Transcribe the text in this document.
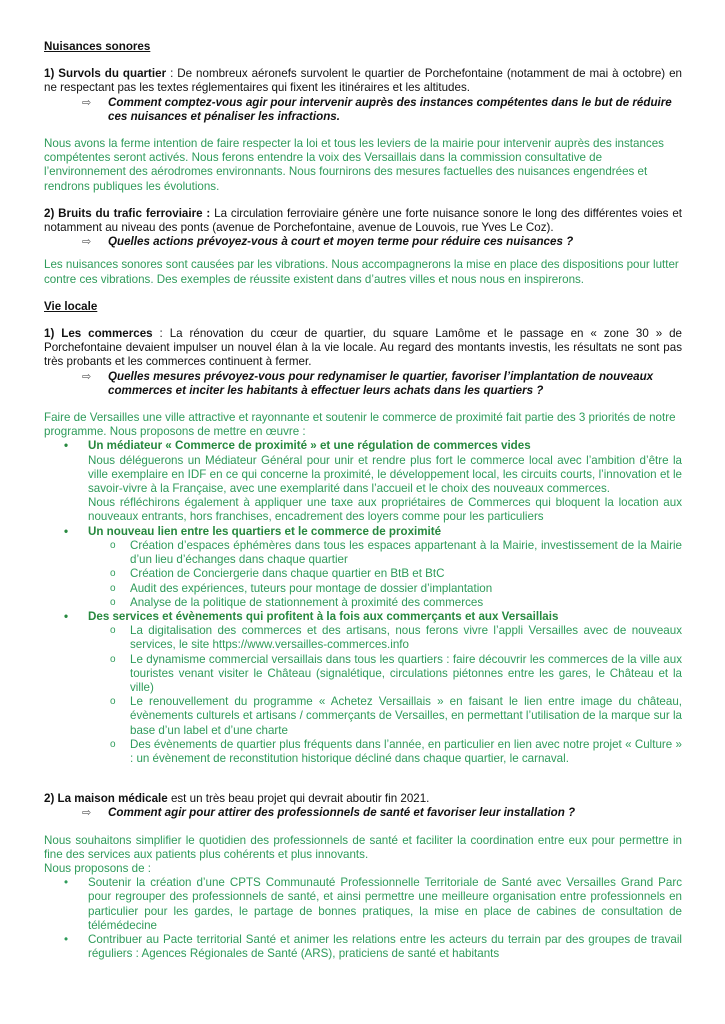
Nuisances sonores

1) Survols du quartier : De nombreux aéronefs survolent le quartier de Porchefontaine (notamment de mai à octobre) en ne respectant pas les textes réglementaires qui fixent les itinéraires et les altitudes.

⇨ Comment comptez-vous agir pour intervenir auprès des instances compétentes dans le but de réduire ces nuisances et pénaliser les infractions.

Nous avons la ferme intention de faire respecter la loi et tous les leviers de la mairie pour intervenir auprès des instances compétentes seront activés. Nous ferons entendre la voix des Versaillais dans la commission consultative de l’environnement des aérodromes environnants. Nous fournirons des mesures factuelles des nuisances engendrées et rendrons publiques les évolutions.

2) Bruits du trafic ferroviaire : La circulation ferroviaire génère une forte nuisance sonore le long des différentes voies et notamment au niveau des ponts (avenue de Porchefontaine, avenue de Louvois, rue Yves Le Coz).

⇨ Quelles actions prévoyez-vous à court et moyen terme pour réduire ces nuisances ?

Les nuisances sonores sont causées par les vibrations. Nous accompagnerons la mise en place des dispositions pour lutter contre ces vibrations. Des exemples de réussite existent dans d’autres villes et nous nous en inspirerons.

Vie locale

1) Les commerces : La rénovation du cœur de quartier, du square Lamôme et le passage en « zone 30 » de Porchefontaine devaient impulser un nouvel élan à la vie locale. Au regard des montants investis, les résultats ne sont pas très probants et les commerces continuent à fermer.

⇨ Quelles mesures prévoyez-vous pour redynamiser le quartier, favoriser l’implantation de nouveaux commerces et inciter les habitants à effectuer leurs achats dans les quartiers ?

Faire de Versailles une ville attractive et rayonnante et soutenir le commerce de proximité fait partie des 3 priorités de notre programme. Nous proposons de mettre en œuvre :

• Un médiateur « Commerce de proximité » et une régulation de commerces vides

Nous déléguerons un Médiateur Général pour unir et rendre plus fort le commerce local avec l’ambition d’être la ville exemplaire en IDF en ce qui concerne la proximité, le développement local, les circuits courts, l’innovation et le savoir-vivre à la Française, avec une exemplarité dans l’accueil et le choix des nouveaux commerces.

Nous réfléchirons également à appliquer une taxe aux propriétaires de Commerces qui bloquent la location aux nouveaux entrants, hors franchises, encadrement des loyers comme pour les particuliers

• Un nouveau lien entre les quartiers et le commerce de proximité

o Création d’espaces éphémères dans tous les espaces appartenant à la Mairie, investissement de la Mairie d’un lieu d’échanges dans chaque quartier

o Création de Conciergerie dans chaque quartier en BtB et BtC

o Audit des expériences, tuteurs pour montage de dossier d’implantation

o Analyse de la politique de stationnement à proximité des commerces

• Des services et évènements qui profitent à la fois aux commerçants et aux Versaillais

o La digitalisation des commerces et des artisans, nous ferons vivre l’appli Versailles avec de nouveaux services, le site https://www.versailles-commerces.info

o Le dynamisme commercial versaillais dans tous les quartiers : faire découvrir les commerces de la ville aux touristes venant visiter le Château (signalétique, circulations piétonnes entre les gares, le Château et la ville)

o Le renouvellement du programme « Achetez Versaillais » en faisant le lien entre image du château, évènements culturels et artisans / commerçants de Versailles, en permettant l’utilisation de la marque sur la base d’un label et d’une charte

o Des évènements de quartier plus fréquents dans l’année, en particulier en lien avec notre projet « Culture » : un évènement de reconstitution historique décliné dans chaque quartier, le carnaval.

2) La maison médicale est un très beau projet qui devrait aboutir fin 2021.

⇨ Comment agir pour attirer des professionnels de santé et favoriser leur installation ?

Nous souhaitons simplifier le quotidien des professionnels de santé et faciliter la coordination entre eux pour permettre in fine des services aux patients plus cohérents et plus innovants.

Nous proposons de :

• Soutenir la création d’une CPTS Communauté Professionnelle Territoriale de Santé avec Versailles Grand Parc pour regrouper des professionnels de santé, et ainsi permettre une meilleure organisation entre professionnels en particulier pour les gardes, le partage de bonnes pratiques, la mise en place de cabines de consultation de télémédecine

• Contribuer au Pacte territorial Santé et animer les relations entre les acteurs du terrain par des groupes de travail réguliers : Agences Régionales de Santé (ARS), praticiens de santé et habitants
